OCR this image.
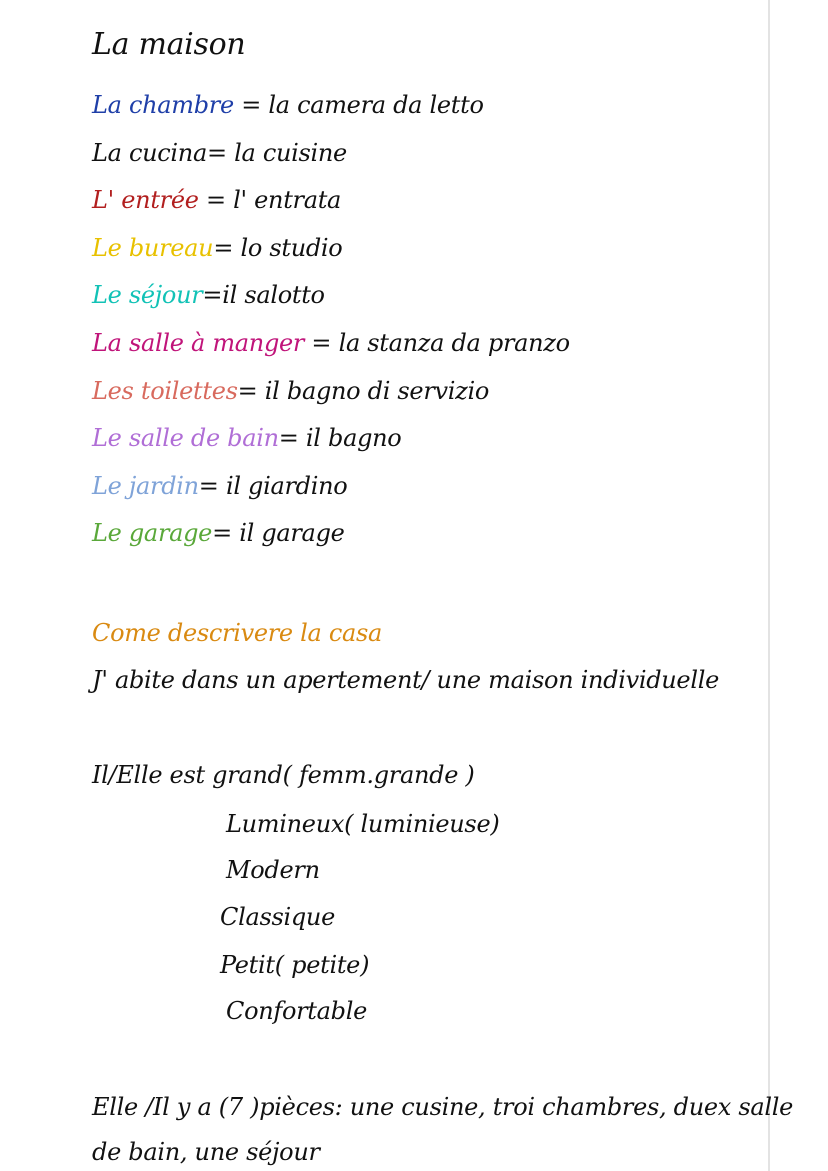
La maison
La chambre = la camera da letto
La cucina= la cuisine
L' entrée = l' entrata
Le bureau= lo studio
Le séjour=il salotto
La salle à manger = la stanza da pranzo
Les toilettes= il bagno di servizio
Le salle de bain= il bagno
Le jardin= il giardino
Le garage= il garage
Come descrivere la casa
J' abite dans un apertement/ une maison individuelle
Il/Elle est grand( femm.grande )
Lumineux( luminieuse)
Modern
Classique
Petit( petite)
Confortable
Elle /Il y a (7 )pièces: une cusine, troi chambres, duex salle
de bain, une séjour
